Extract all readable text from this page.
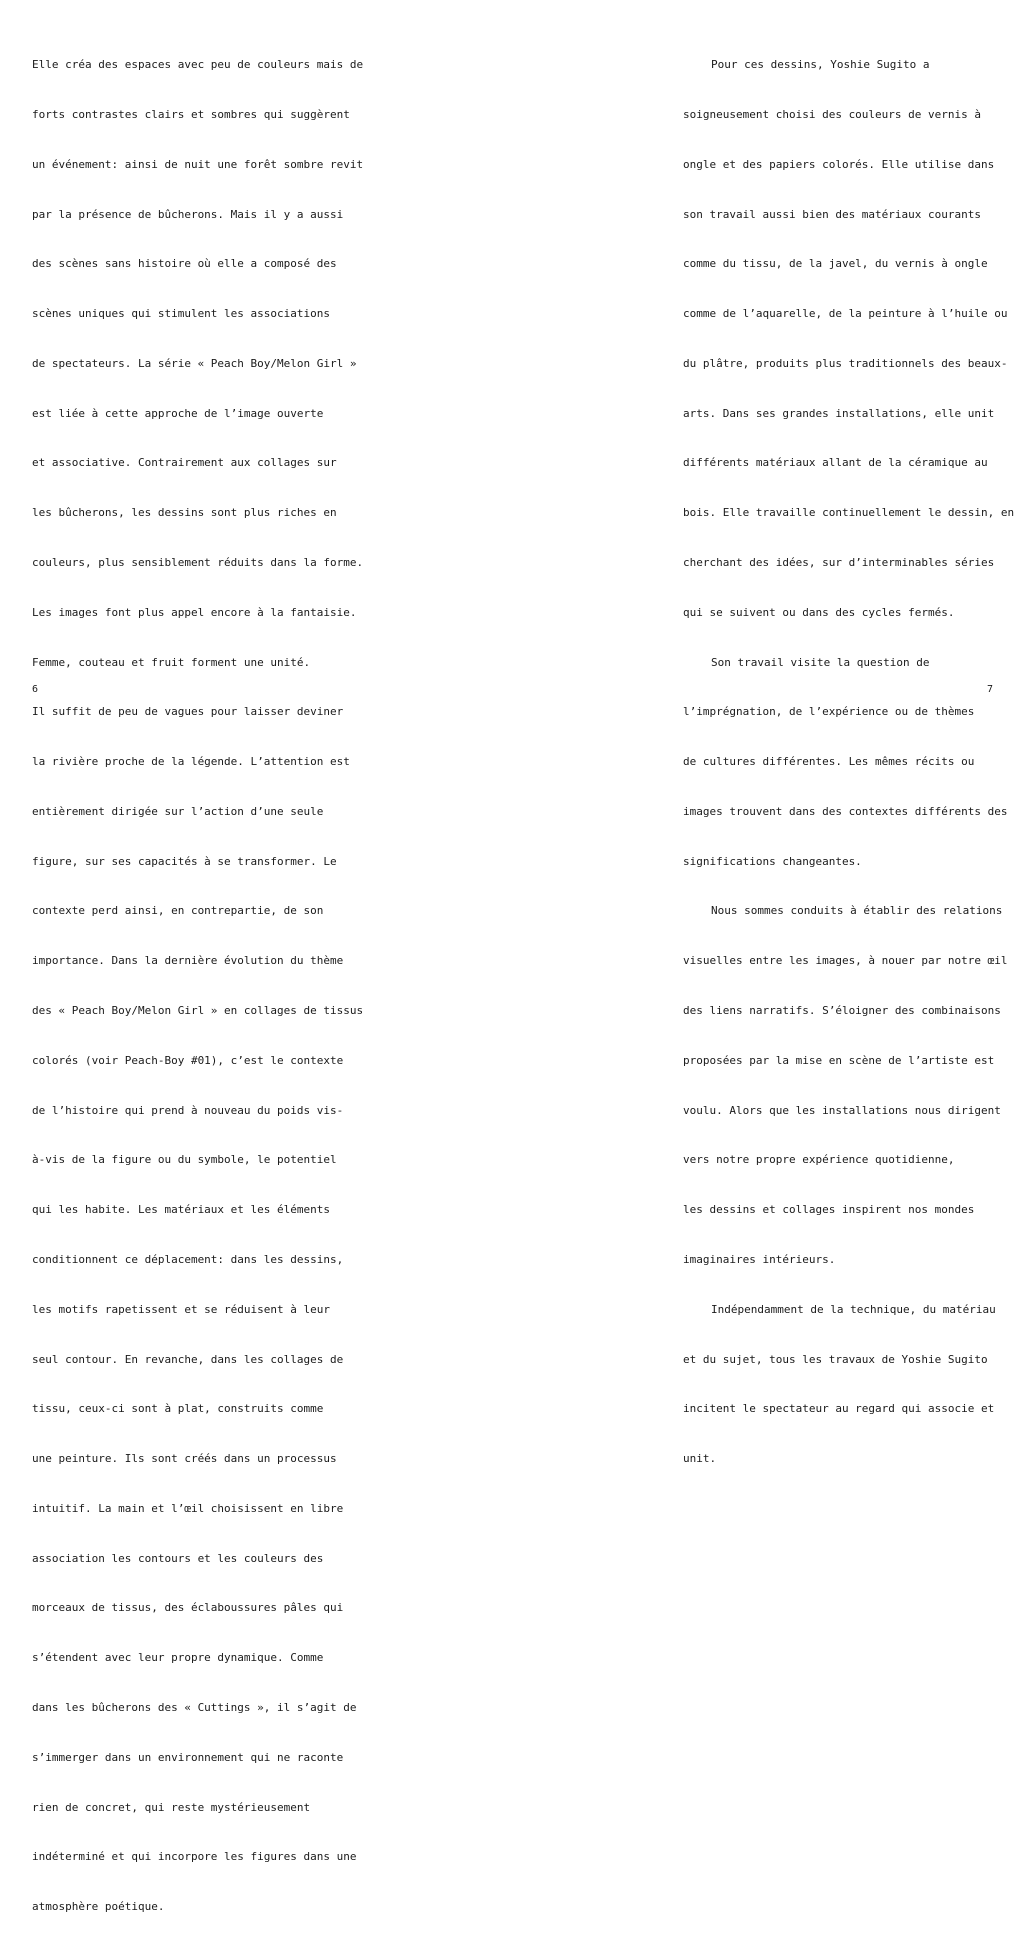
Elle créa des espaces avec peu de couleurs mais de

forts contrastes clairs et sombres qui suggèrent

un événement: ainsi de nuit une forêt sombre revit

par la présence de bûcherons. Mais il y a aussi

des scènes sans histoire où elle a composé des

scènes uniques qui stimulent les associations

de spectateurs. La série « Peach Boy/Melon Girl »

est liée à cette approche de l’image ouverte

et associative. Contrairement aux collages sur

les bûcherons, les dessins sont plus riches en

couleurs, plus sensiblement réduits dans la forme.

Les images font plus appel encore à la fantaisie.

Femme, couteau et fruit forment une unité.

Il suffit de peu de vagues pour laisser deviner

la rivière proche de la légende. L’attention est

entièrement dirigée sur l’action d’une seule

figure, sur ses capacités à se transformer. Le

contexte perd ainsi, en contrepartie, de son

importance. Dans la dernière évolution du thème

des « Peach Boy/Melon Girl » en collages de tissus

colorés (voir Peach-Boy #01), c’est le contexte

de l’histoire qui prend à nouveau du poids vis-

à-vis de la figure ou du symbole, le potentiel

qui les habite. Les matériaux et les éléments

conditionnent ce déplacement: dans les dessins,

les motifs rapetissent et se réduisent à leur

seul contour. En revanche, dans les collages de

tissu, ceux-ci sont à plat, construits comme

une peinture. Ils sont créés dans un processus

intuitif. La main et l’œil choisissent en libre

association les contours et les couleurs des

morceaux de tissus, des éclaboussures pâles qui

s’étendent avec leur propre dynamique. Comme

dans les bûcherons des « Cuttings », il s’agit de

s’immerger dans un environnement qui ne raconte

rien de concret, qui reste mystérieusement

indéterminé et qui incorpore les figures dans une

atmosphère poétique.

6

Pour ces dessins, Yoshie Sugito a

soigneusement choisi des couleurs de vernis à

ongle et des papiers colorés. Elle utilise dans

son travail aussi bien des matériaux courants

comme du tissu, de la javel, du vernis à ongle

comme de l’aquarelle, de la peinture à l’huile ou

du plâtre, produits plus traditionnels des beaux-

arts. Dans ses grandes installations, elle unit

différents matériaux allant de la céramique au

bois. Elle travaille continuellement le dessin, en

cherchant des idées, sur d’interminables séries

qui se suivent ou dans des cycles fermés.

Son travail visite la question de

l’imprégnation, de l’expérience ou de thèmes

de cultures différentes. Les mêmes récits ou

images trouvent dans des contextes différents des

significations changeantes.

Nous sommes conduits à établir des relations

visuelles entre les images, à nouer par notre œil

des liens narratifs. S’éloigner des combinaisons

proposées par la mise en scène de l’artiste est

voulu. Alors que les installations nous dirigent

vers notre propre expérience quotidienne,

les dessins et collages inspirent nos mondes

imaginaires intérieurs.

Indépendamment de la technique, du matériau

et du sujet, tous les travaux de Yoshie Sugito

incitent le spectateur au regard qui associe et

unit.

7
